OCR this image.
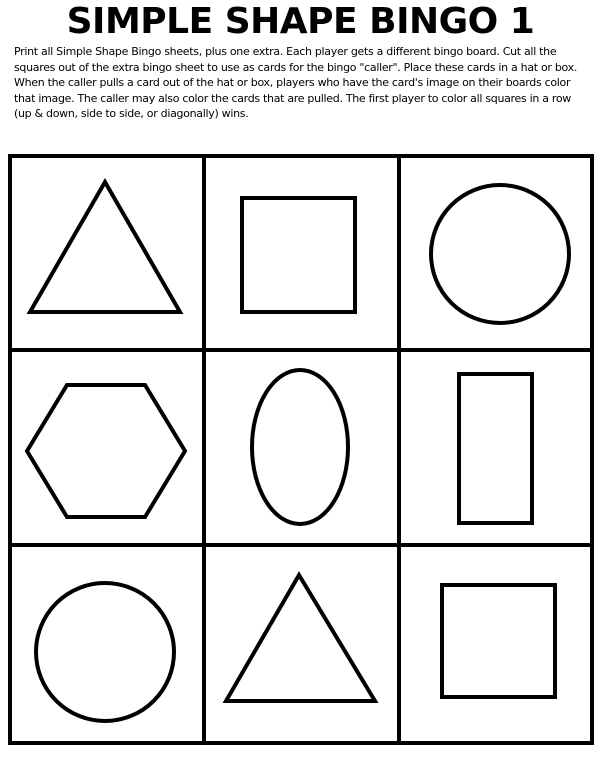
SIMPLE SHAPE BINGO 1

Print all Simple Shape Bingo sheets, plus one extra. Each player gets a different bingo board. Cut all the squares out of the extra bingo sheet to use as cards for the bingo "caller". Place these cards in a hat or box. When the caller pulls a card out of the hat or box, players who have the card's image on their boards color that image. The caller may also color the cards that are pulled. The first player to color all squares in a row (up & down, side to side, or diagonally) wins.
